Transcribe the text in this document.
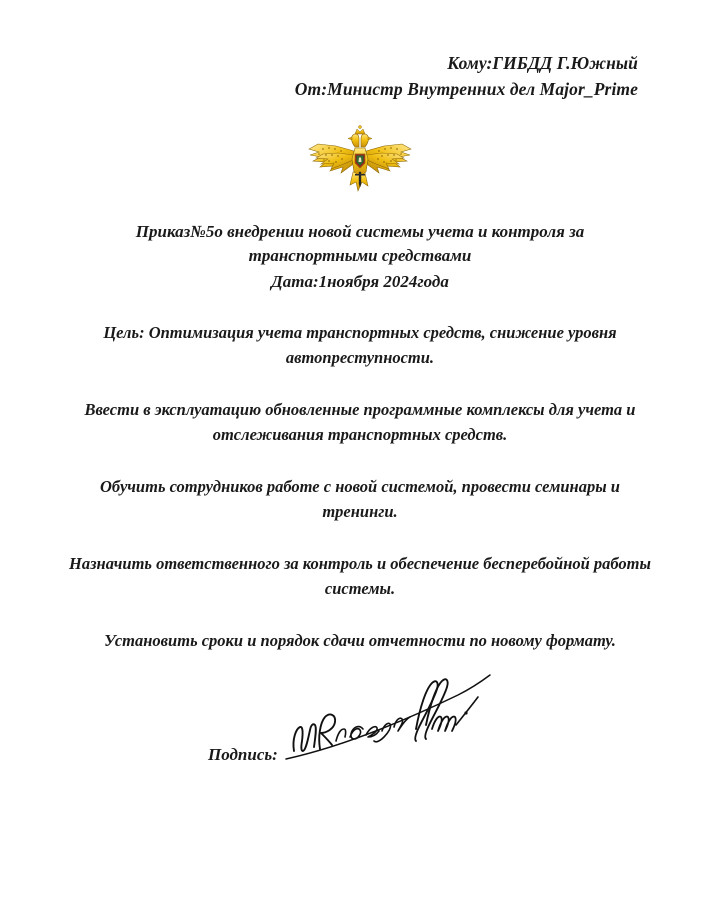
Кому:ГИБДД Г.Южный
От:Министр Внутренних дел Major_Prime
Приказ№5о внедрении новой системы учета и контроля за
транспортными средствами
Дата:1ноября 2024года

Цель: Оптимизация учета транспортных средств, снижение уровня автопреступности.

Ввести в эксплуатацию обновленные программные комплексы для учета и отслеживания транспортных средств.

Обучить сотрудников работе с новой системой, провести семинары и тренинги.

Назначить ответственного за контроль и обеспечение бесперебойной работы системы.

Установить сроки и порядок сдачи отчетности по новому формату.

Подпись:
